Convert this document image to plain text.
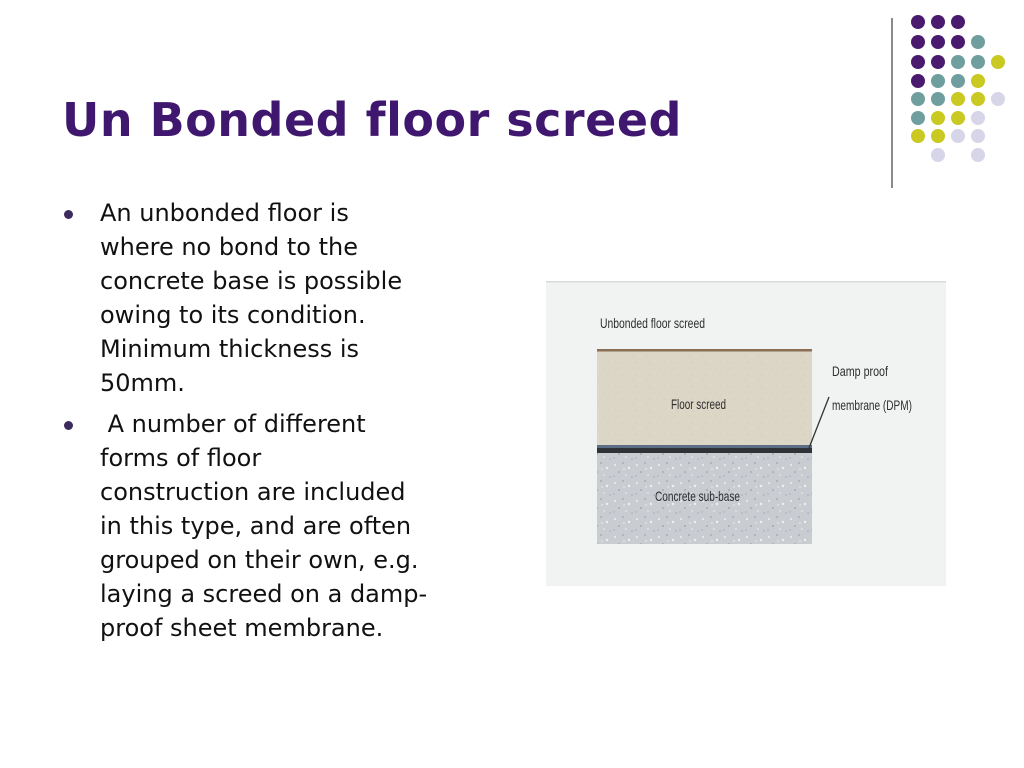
Un Bonded floor screed
An unbonded floor is
where no bond to the
concrete base is possible
owing to its condition.
Minimum thickness is
50mm.
A number of different
forms of floor
construction are included
in this type, and are often
grouped on their own, e.g.
laying a screed on a damp-
proof sheet membrane.
Unbonded floor screed
Floor screed
Concrete sub-base
Damp proof
membrane (DPM)
